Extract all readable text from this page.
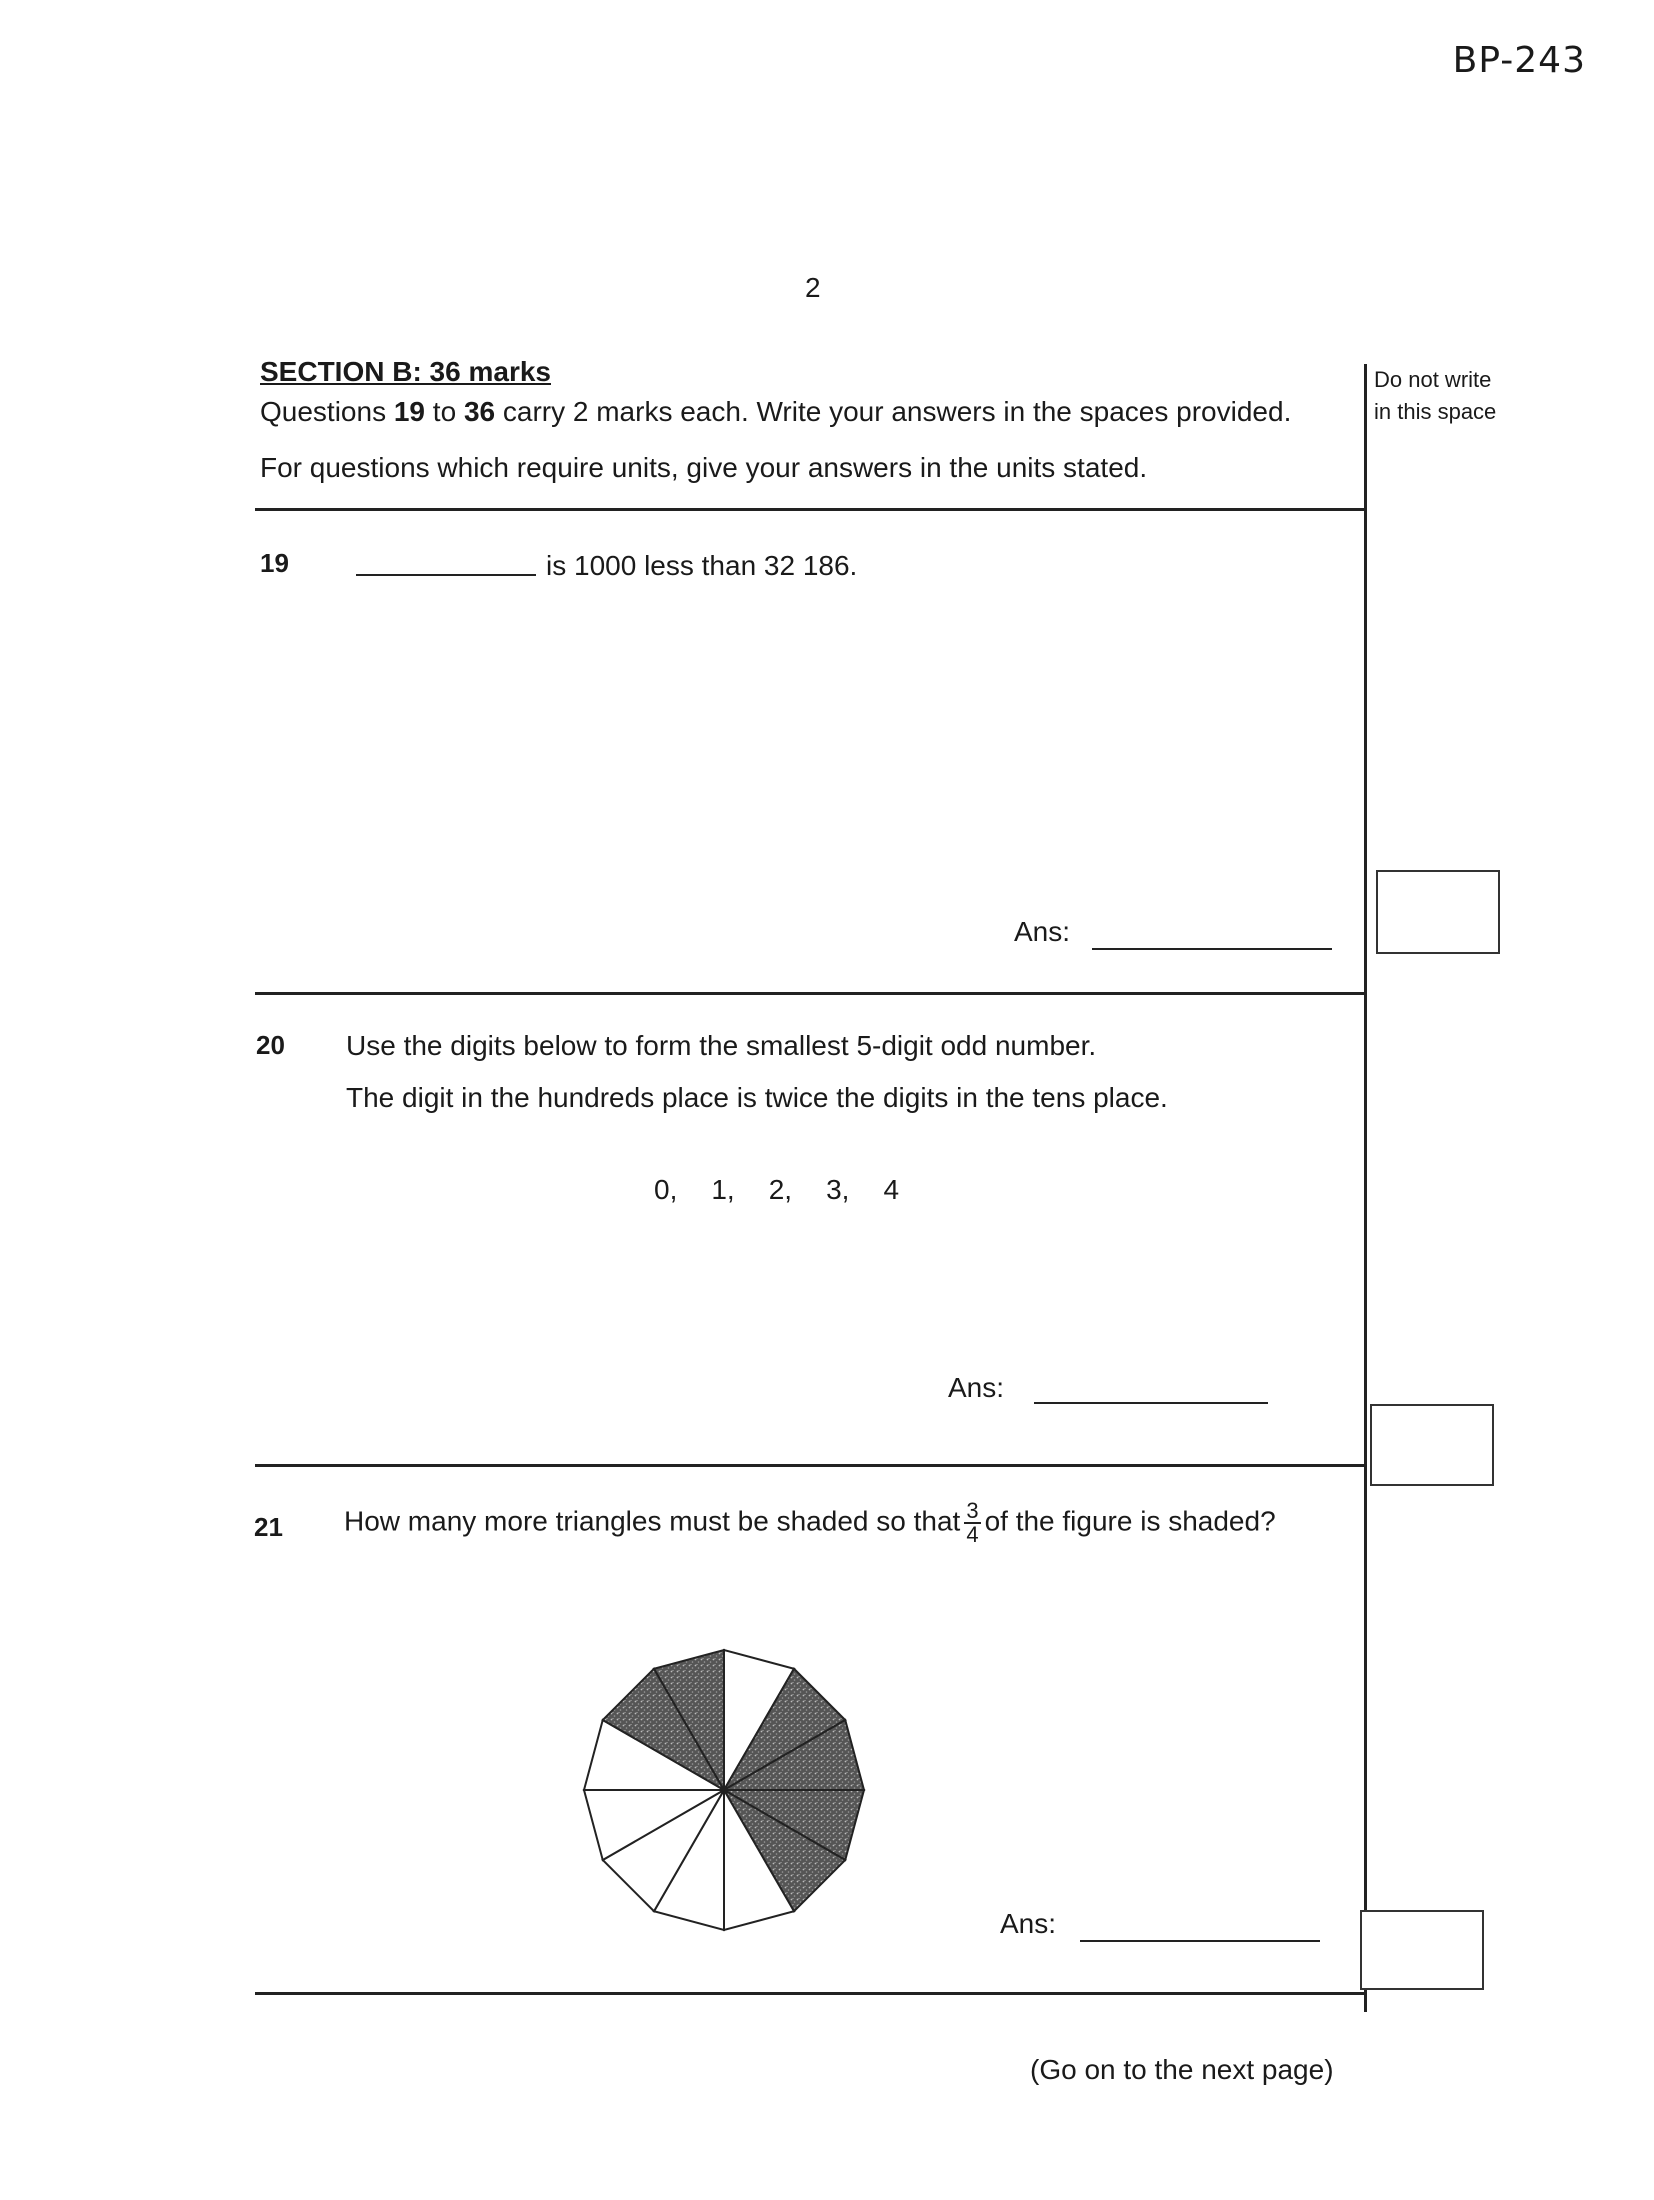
BP-243
2
SECTION B: 36 marks
Questions 19 to 36 carry 2 marks each. Write your answers in the spaces provided.
For questions which require units, give your answers in the units stated.
Do not write
in this space
19	is 1000 less than 32 186.
Ans:
20 Use the digits below to form the smallest 5-digit odd number.
The digit in the hundreds place is twice the digits in the tens place.
0, 1, 2, 3, 4
Ans:
21 How many more triangles must be shaded so that $\frac{3}{4}$ of the figure is shaded?
Ans:
(Go on to the next page)
